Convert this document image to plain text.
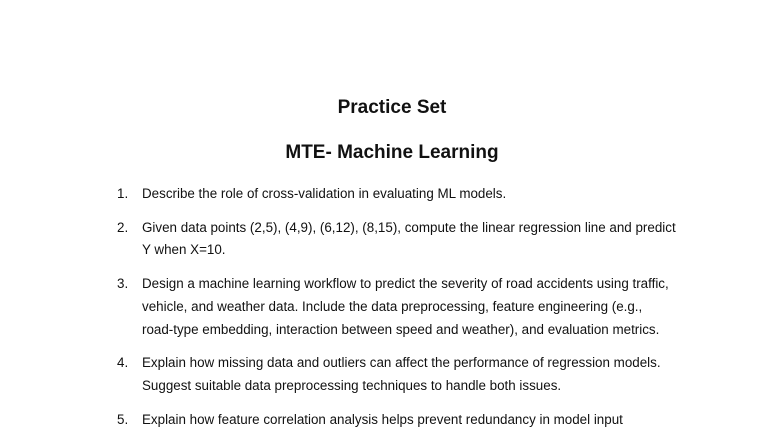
Practice Set
MTE- Machine Learning
1. Describe the role of cross-validation in evaluating ML models.
2. Given data points (2,5), (4,9), (6,12), (8,15), compute the linear regression line and predict Y when X=10.
3. Design a machine learning workflow to predict the severity of road accidents using traffic, vehicle, and weather data. Include the data preprocessing, feature engineering (e.g., road-type embedding, interaction between speed and weather), and evaluation metrics.
4. Explain how missing data and outliers can affect the performance of regression models. Suggest suitable data preprocessing techniques to handle both issues.
5. Explain how feature correlation analysis helps prevent redundancy in model input
